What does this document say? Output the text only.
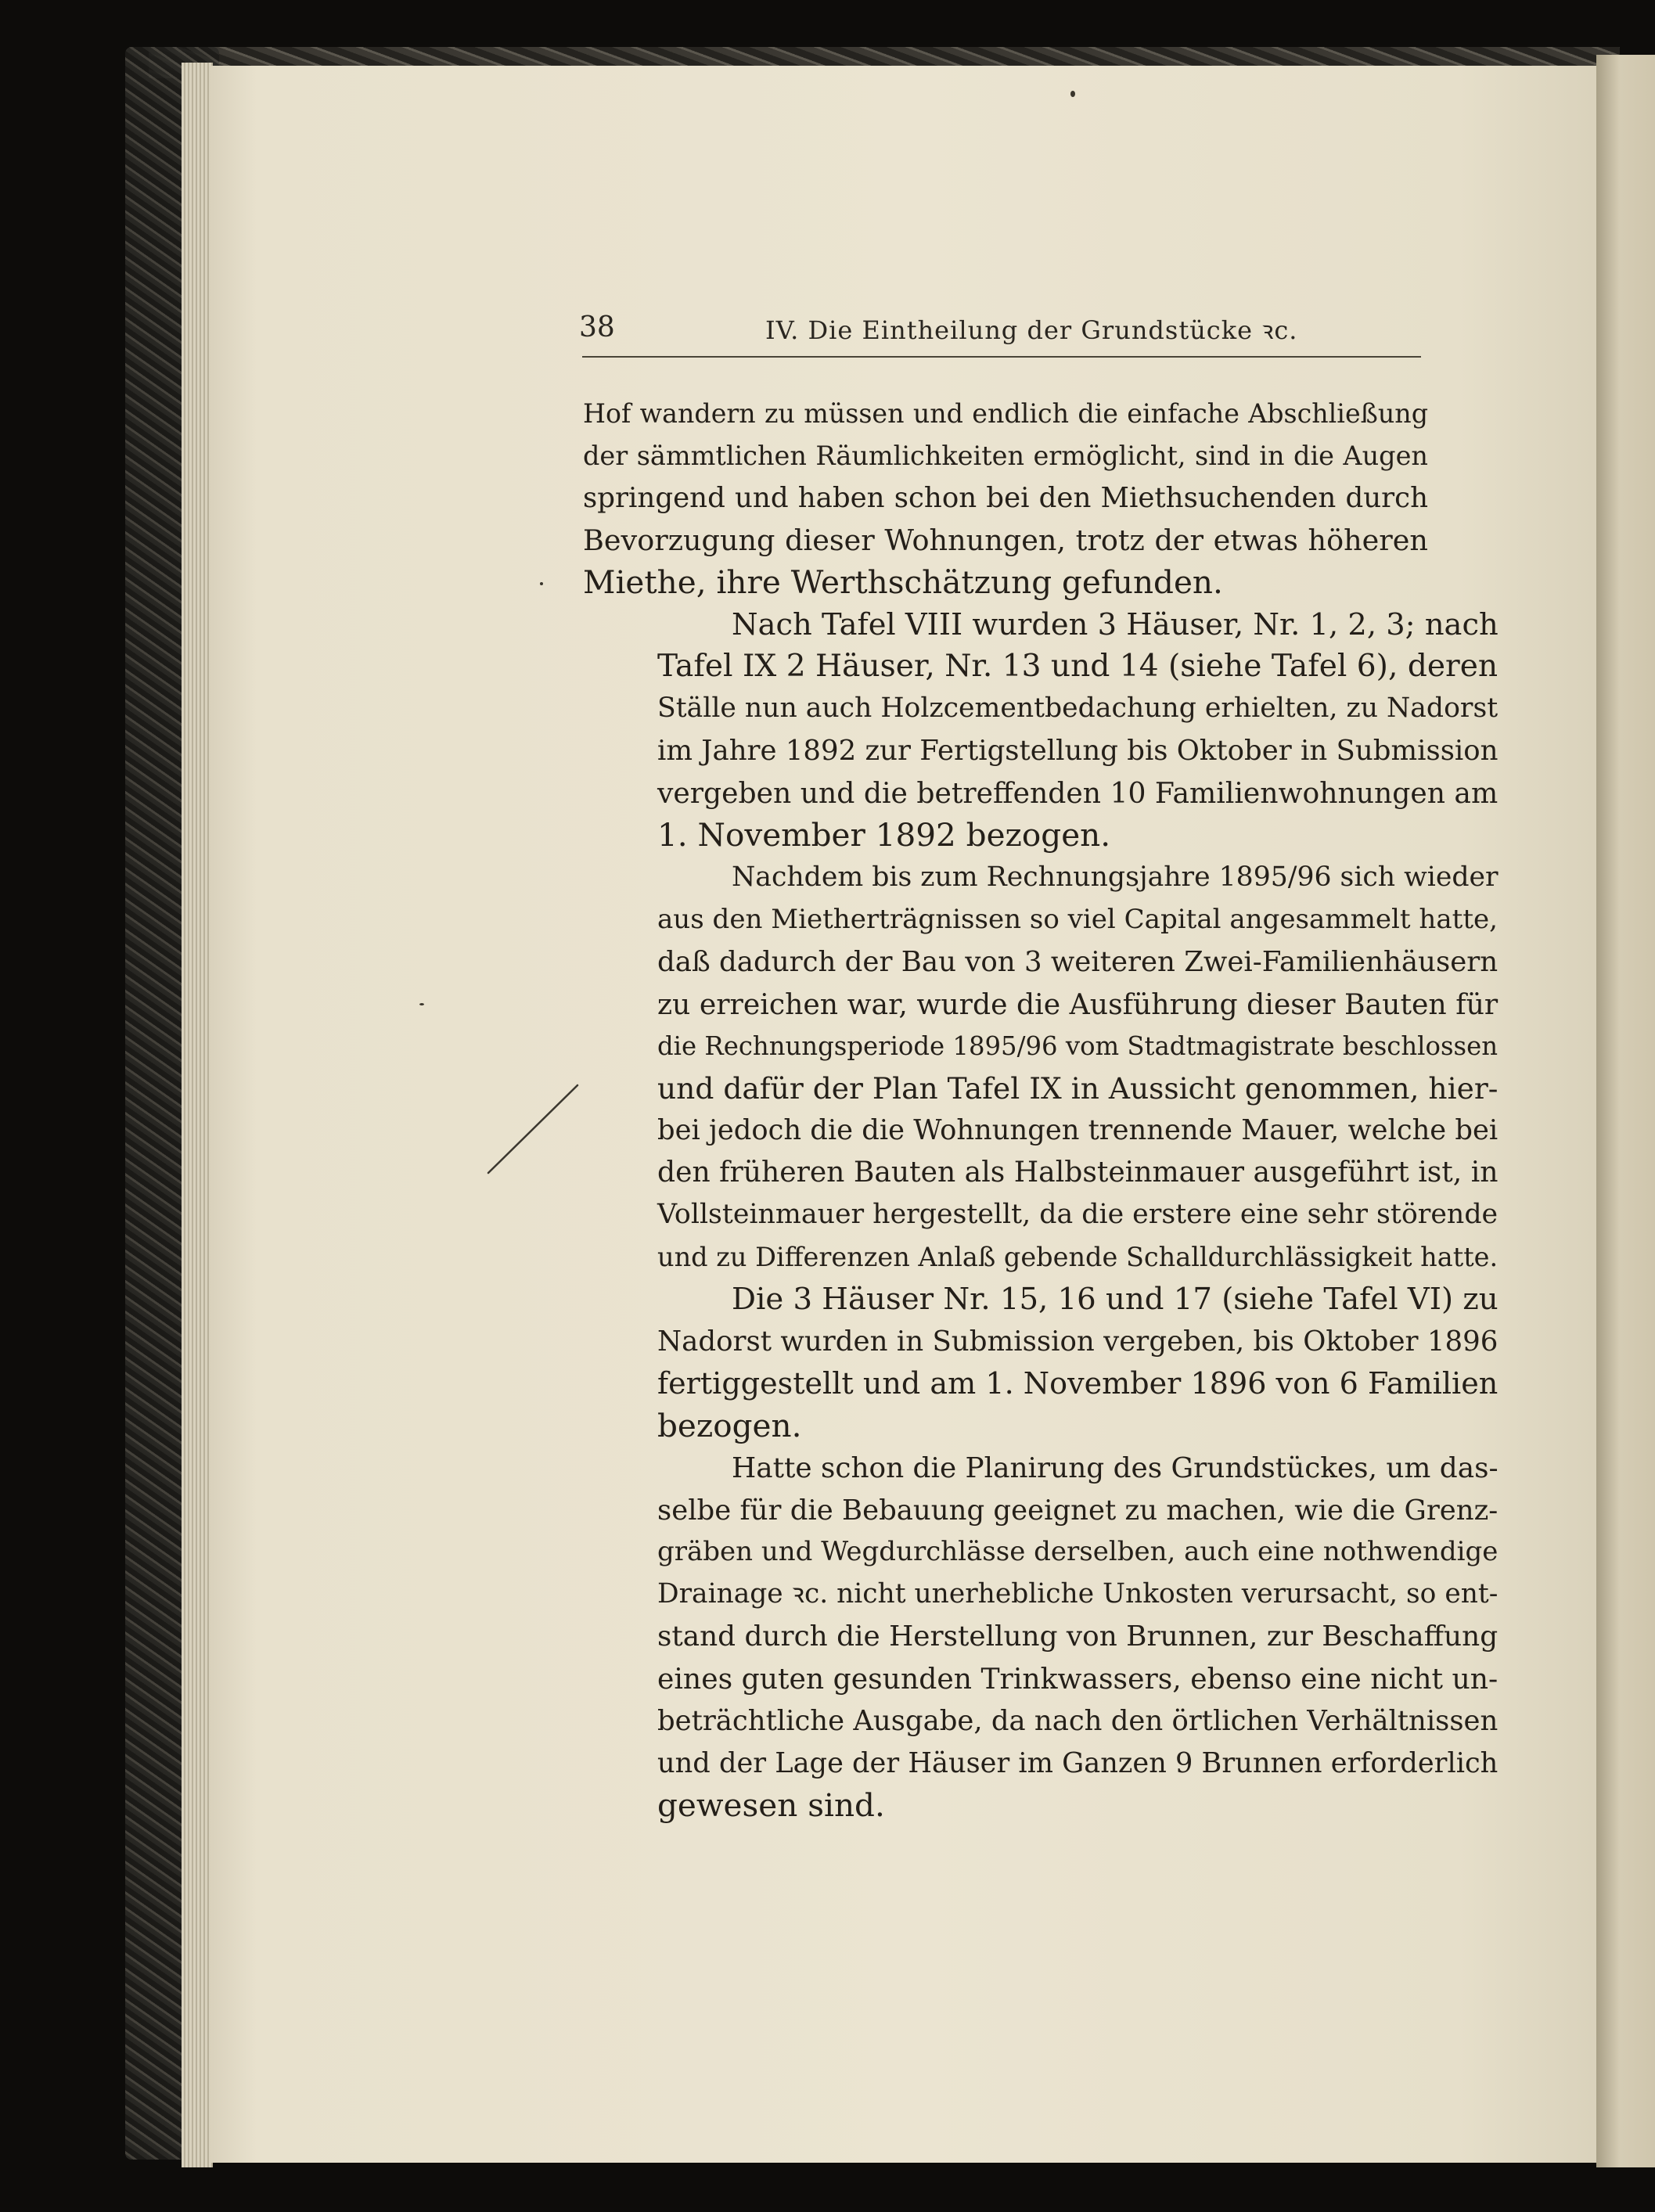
38	IV. Die Eintheilung der Grundstücke ꝛc.
Hof wandern zu müssen und endlich die einfache Abschließung
der sämmtlichen Räumlichkeiten ermöglicht, sind in die Augen
springend und haben schon bei den Miethsuchenden durch
Bevorzugung dieser Wohnungen, trotz der etwas höheren
Miethe, ihre Werthschätzung gefunden.
Nach Tafel VIII wurden 3 Häuser, Nr. 1, 2, 3; nach
Tafel IX 2 Häuser, Nr. 13 und 14 (siehe Tafel 6), deren
Ställe nun auch Holzcementbedachung erhielten, zu Nadorst
im Jahre 1892 zur Fertigstellung bis Oktober in Submission
vergeben und die betreffenden 10 Familienwohnungen am
1. November 1892 bezogen.
Nachdem bis zum Rechnungsjahre 1895/96 sich wieder
aus den Mietherträgnissen so viel Capital angesammelt hatte,
daß dadurch der Bau von 3 weiteren Zwei-Familienhäusern
zu erreichen war, wurde die Ausführung dieser Bauten für
die Rechnungsperiode 1895/96 vom Stadtmagistrate beschlossen
und dafür der Plan Tafel IX in Aussicht genommen, hier-
bei jedoch die die Wohnungen trennende Mauer, welche bei
den früheren Bauten als Halbsteinmauer ausgeführt ist, in
Vollsteinmauer hergestellt, da die erstere eine sehr störende
und zu Differenzen Anlaß gebende Schalldurchlässigkeit hatte.
Die 3 Häuser Nr. 15, 16 und 17 (siehe Tafel VI) zu
Nadorst wurden in Submission vergeben, bis Oktober 1896
fertiggestellt und am 1. November 1896 von 6 Familien
bezogen.
Hatte schon die Planirung des Grundstückes, um das-
selbe für die Bebauung geeignet zu machen, wie die Grenz-
gräben und Wegdurchlässe derselben, auch eine nothwendige
Drainage ꝛc. nicht unerhebliche Unkosten verursacht, so ent-
stand durch die Herstellung von Brunnen, zur Beschaffung
eines guten gesunden Trinkwassers, ebenso eine nicht un-
beträchtliche Ausgabe, da nach den örtlichen Verhältnissen
und der Lage der Häuser im Ganzen 9 Brunnen erforderlich
gewesen sind.
